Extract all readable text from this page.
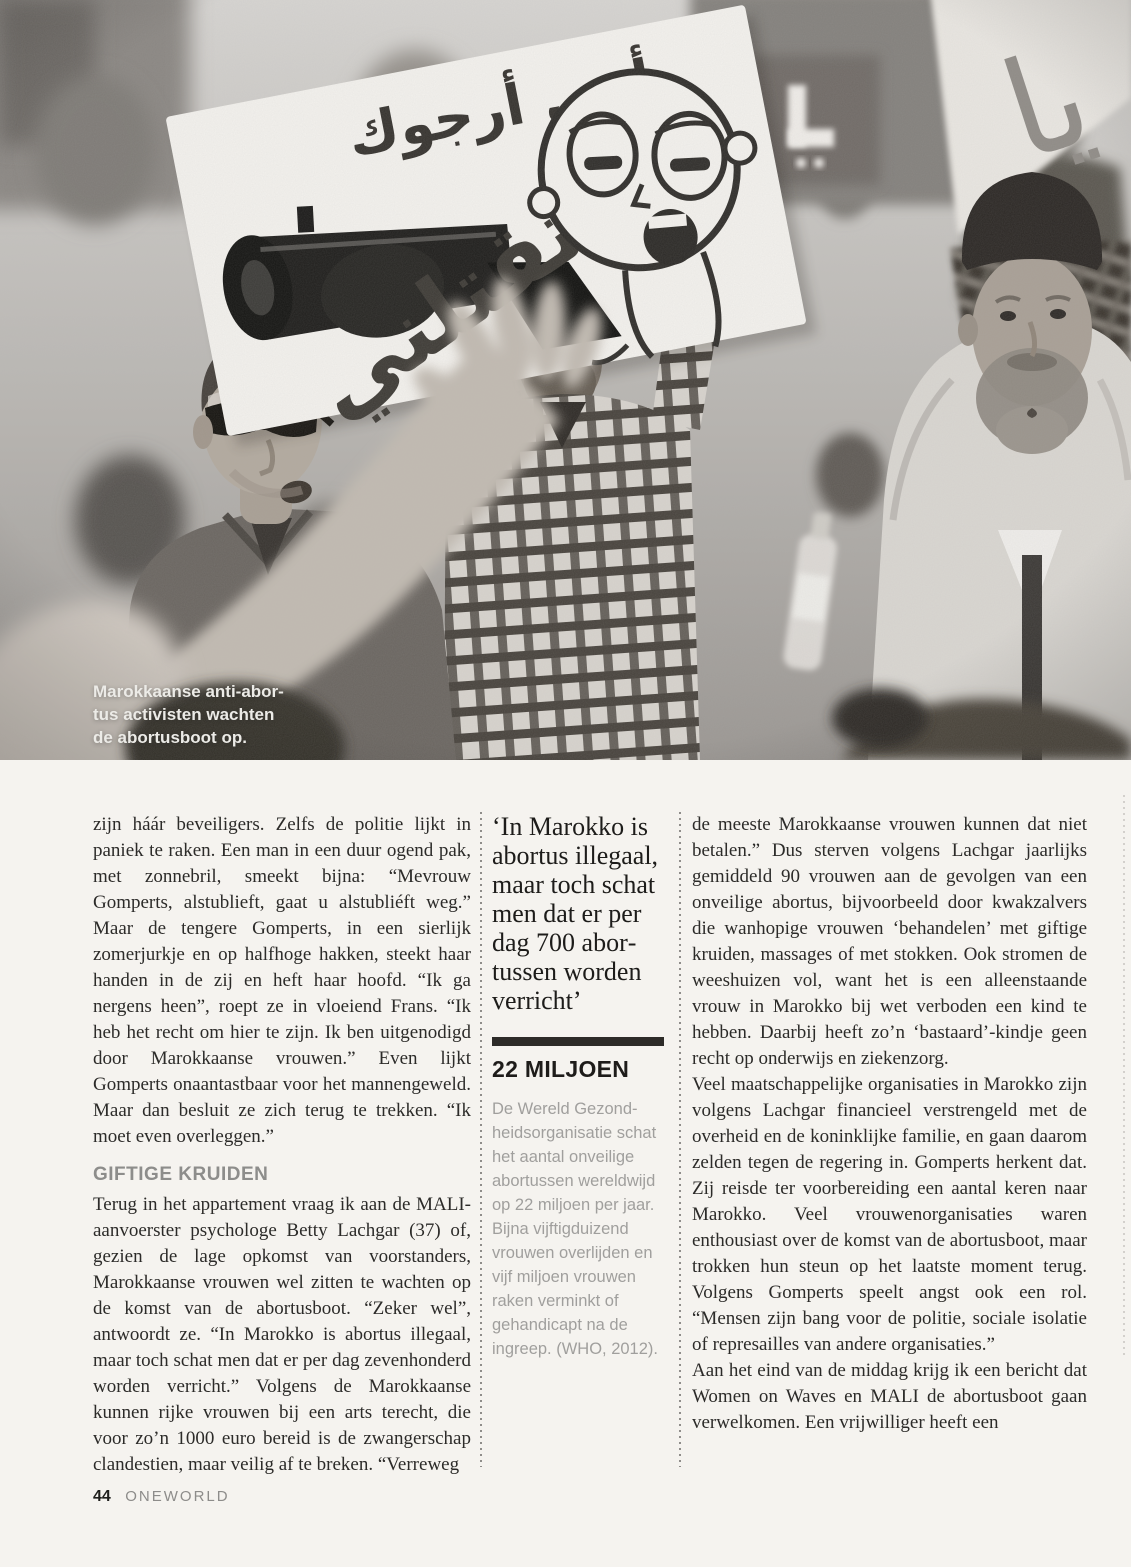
Marokkaanse anti-abor-
tus activisten wachten
de abortusboot op.

zijn háár beveiligers. Zelfs de politie lijkt in paniek te raken. Een man in een duur ogend pak, met zonnebril, smeekt bijna: “Mevrouw Gomperts, alstublieft, gaat u alstubliéft weg.” Maar de tengere Gomperts, in een sierlijk zomerjurkje en op halfhoge hakken, steekt haar handen in de zij en heft haar hoofd. “Ik ga nergens heen”, roept ze in vloeiend Frans. “Ik heb het recht om hier te zijn. Ik ben uitgenodigd door Marokkaanse vrouwen.” Even lijkt Gomperts onaantastbaar voor het mannengeweld. Maar dan besluit ze zich terug te trekken. “Ik moet even overleggen.”

GIFTIGE KRUIDEN

Terug in het appartement vraag ik aan de MALI-aanvoerster psychologe Betty Lachgar (37) of, gezien de lage opkomst van voorstanders, Marokkaanse vrouwen wel zitten te wachten op de komst van de abortusboot. “Zeker wel”, antwoordt ze. “In Marokko is abortus illegaal, maar toch schat men dat er per dag zevenhonderd worden verricht.” Volgens de Marokkaanse kunnen rijke vrouwen bij een arts terecht, die voor zo’n 1000 euro bereid is de zwangerschap clandestien, maar veilig af te breken. “Verreweg

‘In Marokko is abortus illegaal, maar toch schat men dat er per dag 700 abortussen worden verricht’
22 MILJOEN

De Wereld Gezondheidsorganisatie schat het aantal onveilige abortussen wereldwijd op 22 miljoen per jaar. Bijna vijftigduizend vrouwen overlijden en vijf miljoen vrouwen raken verminkt of gehandicapt na de ingreep. (WHO, 2012).

de meeste Marokkaanse vrouwen kunnen dat niet betalen.” Dus sterven volgens Lachgar jaarlijks gemiddeld 90 vrouwen aan de gevolgen van een onveilige abortus, bijvoorbeeld door kwakzalvers die wanhopige vrouwen ‘behandelen’ met giftige kruiden, massages of met stokken. Ook stromen de weeshuizen vol, want het is een alleenstaande vrouw in Marokko bij wet verboden een kind te hebben. Daarbij heeft zo’n ‘bastaard’-kindje geen recht op onderwijs en ziekenzorg.

Veel maatschappelijke organisaties in Marokko zijn volgens Lachgar financieel verstrengeld met de overheid en de koninklijke familie, en gaan daarom zelden tegen de regering in. Gomperts herkent dat. Zij reisde ter voorbereiding een aantal keren naar Marokko. Veel vrouwenorganisaties waren enthousiast over de komst van de abortusboot, maar trokken hun steun op het laatste moment terug. Volgens Gomperts speelt angst ook een rol. “Mensen zijn bang voor de politie, sociale isolatie of represailles van andere organisaties.”

Aan het eind van de middag krijg ik een bericht dat Women on Waves en MALI de abortusboot gaan verwelkomen. Een vrijwilliger heeft een

44 ONEWORLD
